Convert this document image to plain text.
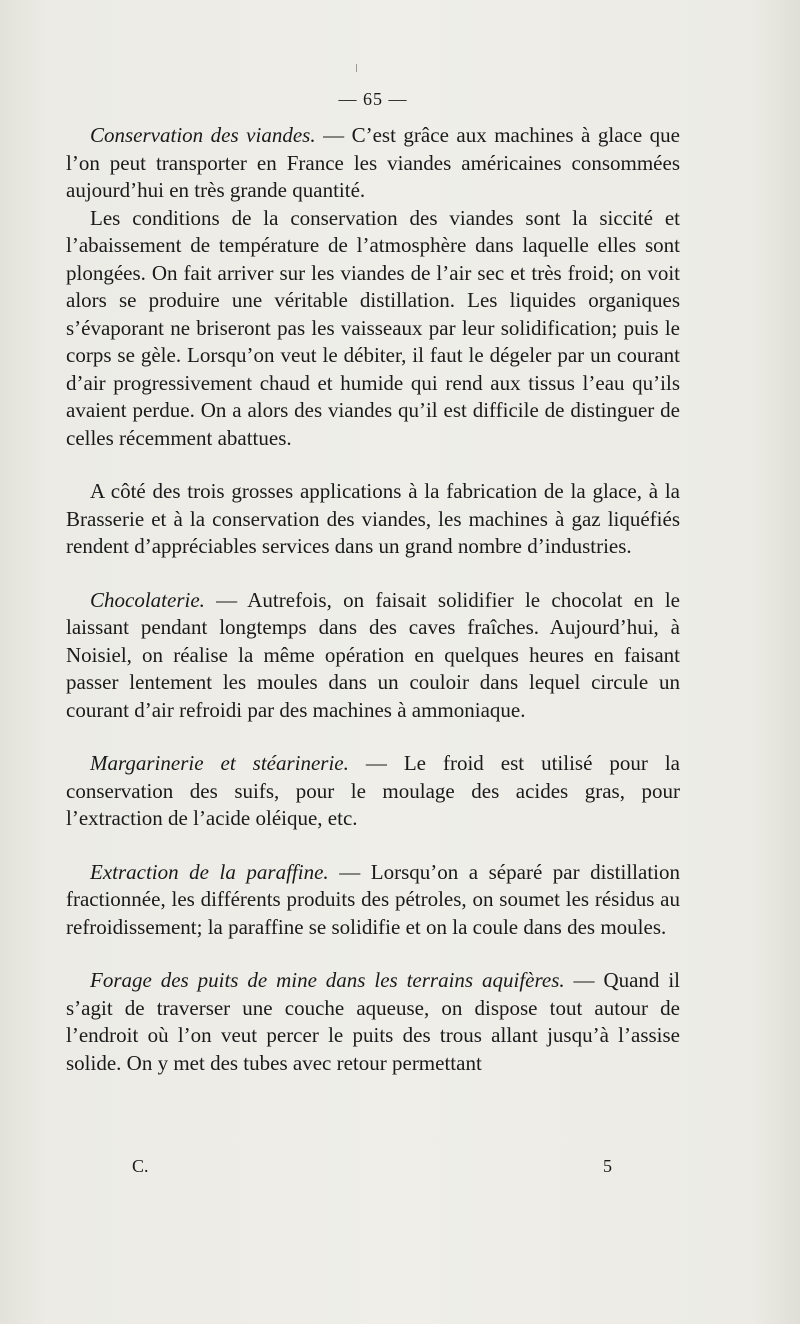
— 65 —

Conservation des viandes. — C’est grâce aux machines à glace que l’on peut transporter en France les viandes américaines consommées aujourd’hui en très grande quantité.

Les conditions de la conservation des viandes sont la siccité et l’abaissement de température de l’atmosphère dans laquelle elles sont plongées. On fait arriver sur les viandes de l’air sec et très froid; on voit alors se produire une véritable distillation. Les liquides organiques s’évaporant ne briseront pas les vaisseaux par leur solidification; puis le corps se gèle. Lorsqu’on veut le débiter, il faut le dégeler par un courant d’air progressivement chaud et humide qui rend aux tissus l’eau qu’ils avaient perdue. On a alors des viandes qu’il est difficile de distinguer de celles récemment abattues.

A côté des trois grosses applications à la fabrication de la glace, à la Brasserie et à la conservation des viandes, les machines à gaz liquéfiés rendent d’appréciables services dans un grand nombre d’industries.

Chocolaterie. — Autrefois, on faisait solidifier le chocolat en le laissant pendant longtemps dans des caves fraîches. Aujourd’hui, à Noisiel, on réalise la même opération en quelques heures en faisant passer lentement les moules dans un couloir dans lequel circule un courant d’air refroidi par des machines à ammoniaque.

Margarinerie et stéarinerie. — Le froid est utilisé pour la conservation des suifs, pour le moulage des acides gras, pour l’extraction de l’acide oléique, etc.

Extraction de la paraffine. — Lorsqu’on a séparé par distillation fractionnée, les différents produits des pétroles, on soumet les résidus au refroidissement; la paraffine se solidifie et on la coule dans des moules.

Forage des puits de mine dans les terrains aquifères. — Quand il s’agit de traverser une couche aqueuse, on dispose tout autour de l’endroit où l’on veut percer le puits des trous allant jusqu’à l’assise solide. On y met des tubes avec retour permettant

C.	5
